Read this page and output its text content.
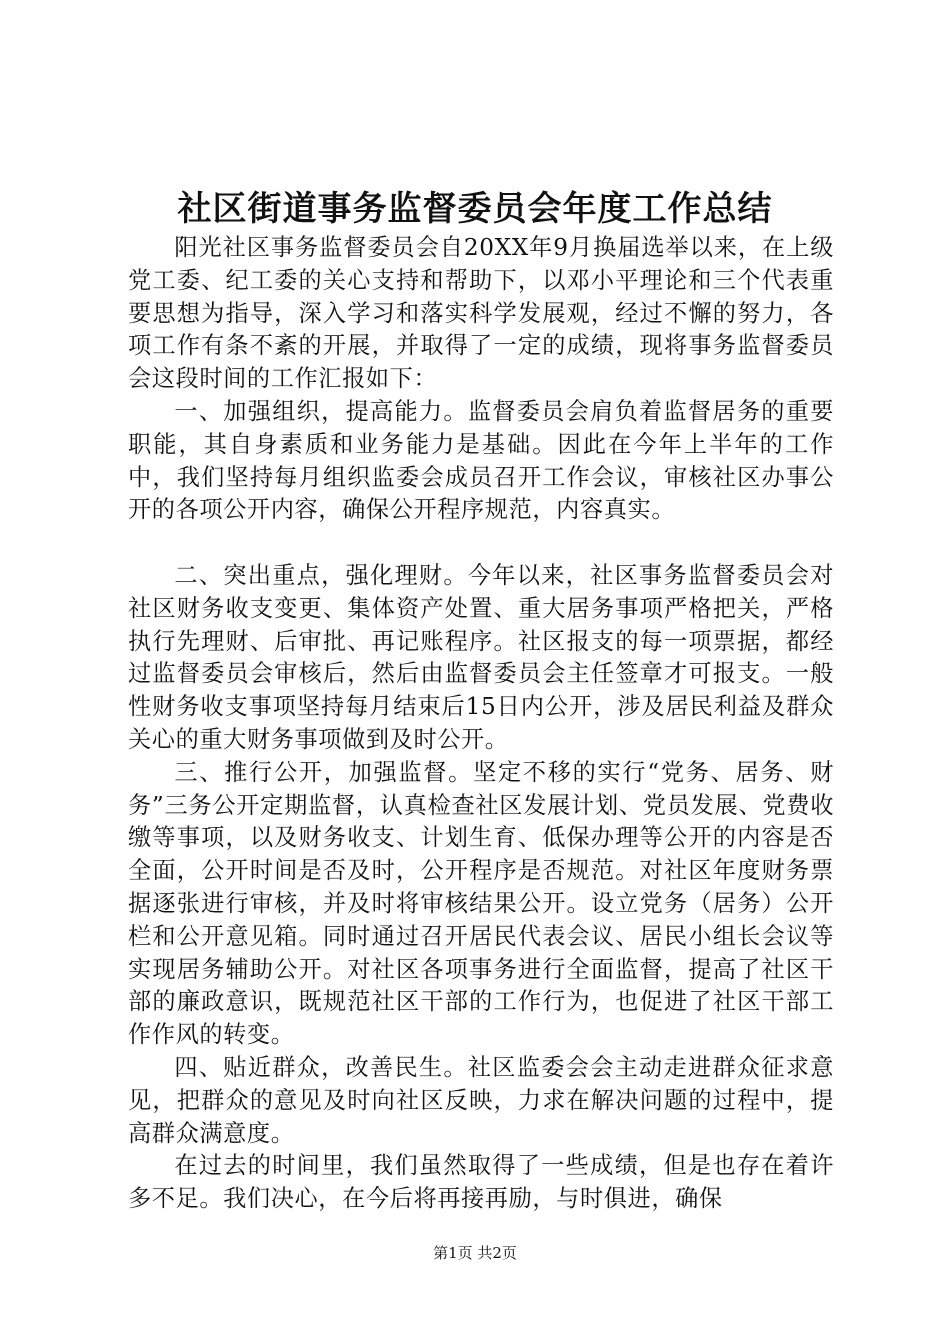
社区街道事务监督委员会年度工作总结

阳光社区事务监督委员会自20XX年9月换届选举以来，在上级党工委、纪工委的关心支持和帮助下，以邓小平理论和三个代表重要思想为指导，深入学习和落实科学发展观，经过不懈的努力，各项工作有条不紊的开展，并取得了一定的成绩，现将事务监督委员会这段时间的工作汇报如下：

一、加强组织，提高能力。监督委员会肩负着监督居务的重要职能，其自身素质和业务能力是基础。因此在今年上半年的工作中，我们坚持每月组织监委会成员召开工作会议，审核社区办事公开的各项公开内容，确保公开程序规范，内容真实。

二、突出重点，强化理财。今年以来，社区事务监督委员会对社区财务收支变更、集体资产处置、重大居务事项严格把关，严格执行先理财、后审批、再记账程序。社区报支的每一项票据，都经过监督委员会审核后，然后由监督委员会主任签章才可报支。一般性财务收支事项坚持每月结束后15日内公开，涉及居民利益及群众关心的重大财务事项做到及时公开。

三、推行公开，加强监督。坚定不移的实行“党务、居务、财务”三务公开定期监督，认真检查社区发展计划、党员发展、党费收缴等事项，以及财务收支、计划生育、低保办理等公开的内容是否全面，公开时间是否及时，公开程序是否规范。对社区年度财务票据逐张进行审核，并及时将审核结果公开。设立党务（居务）公开栏和公开意见箱。同时通过召开居民代表会议、居民小组长会议等实现居务辅助公开。对社区各项事务进行全面监督，提高了社区干部的廉政意识，既规范社区干部的工作行为，也促进了社区干部工作作风的转变。

四、贴近群众，改善民生。社区监委会会主动走进群众征求意见，把群众的意见及时向社区反映，力求在解决问题的过程中，提高群众满意度。

在过去的时间里，我们虽然取得了一些成绩，但是也存在着许多不足。我们决心，在今后将再接再励，与时俱进，确保

第1页 共2页
